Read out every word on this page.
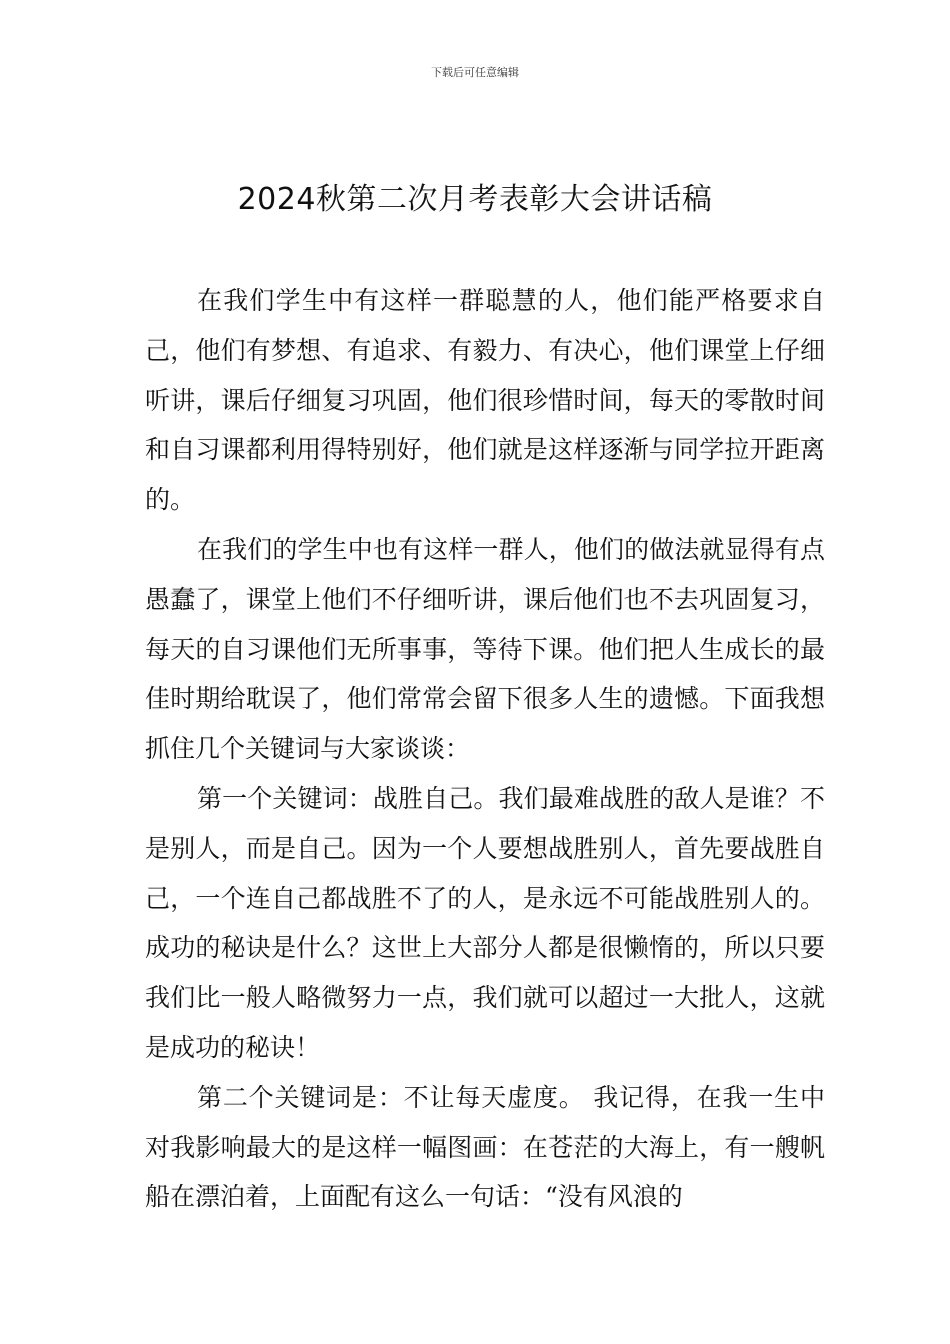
下载后可任意编辑
2024秋第二次月考表彰大会讲话稿

在我们学生中有这样一群聪慧的人，他们能严格要求自己，他们有梦想、有追求、有毅力、有决心，他们课堂上仔细听讲，课后仔细复习巩固，他们很珍惜时间，每天的零散时间和自习课都利用得特别好，他们就是这样逐渐与同学拉开距离的。

在我们的学生中也有这样一群人，他们的做法就显得有点愚蠢了，课堂上他们不仔细听讲，课后他们也不去巩固复习，每天的自习课他们无所事事，等待下课。他们把人生成长的最佳时期给耽误了，他们常常会留下很多人生的遗憾。下面我想抓住几个关键词与大家谈谈：

第一个关键词：战胜自己。我们最难战胜的敌人是谁？不是别人，而是自己。因为一个人要想战胜别人，首先要战胜自己，一个连自己都战胜不了的人，是永远不可能战胜别人的。成功的秘诀是什么？这世上大部分人都是很懒惰的，所以只要我们比一般人略微努力一点，我们就可以超过一大批人，这就是成功的秘诀！

第二个关键词是：不让每天虚度。 我记得，在我一生中对我影响最大的是这样一幅图画：在苍茫的大海上，有一艘帆船在漂泊着，上面配有这么一句话：“没有风浪的
